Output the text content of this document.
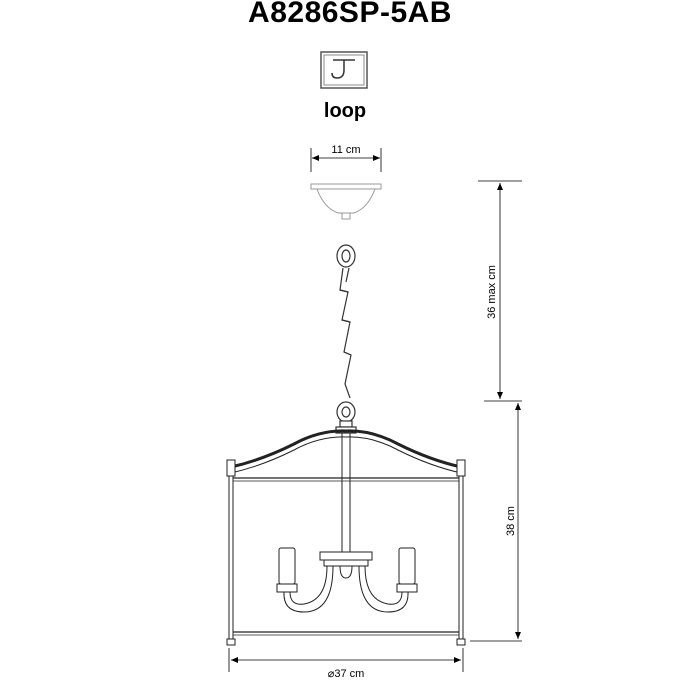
A8286SP-5AB
loop
11 cm
36 max cm
38 cm
⌀37 cm
